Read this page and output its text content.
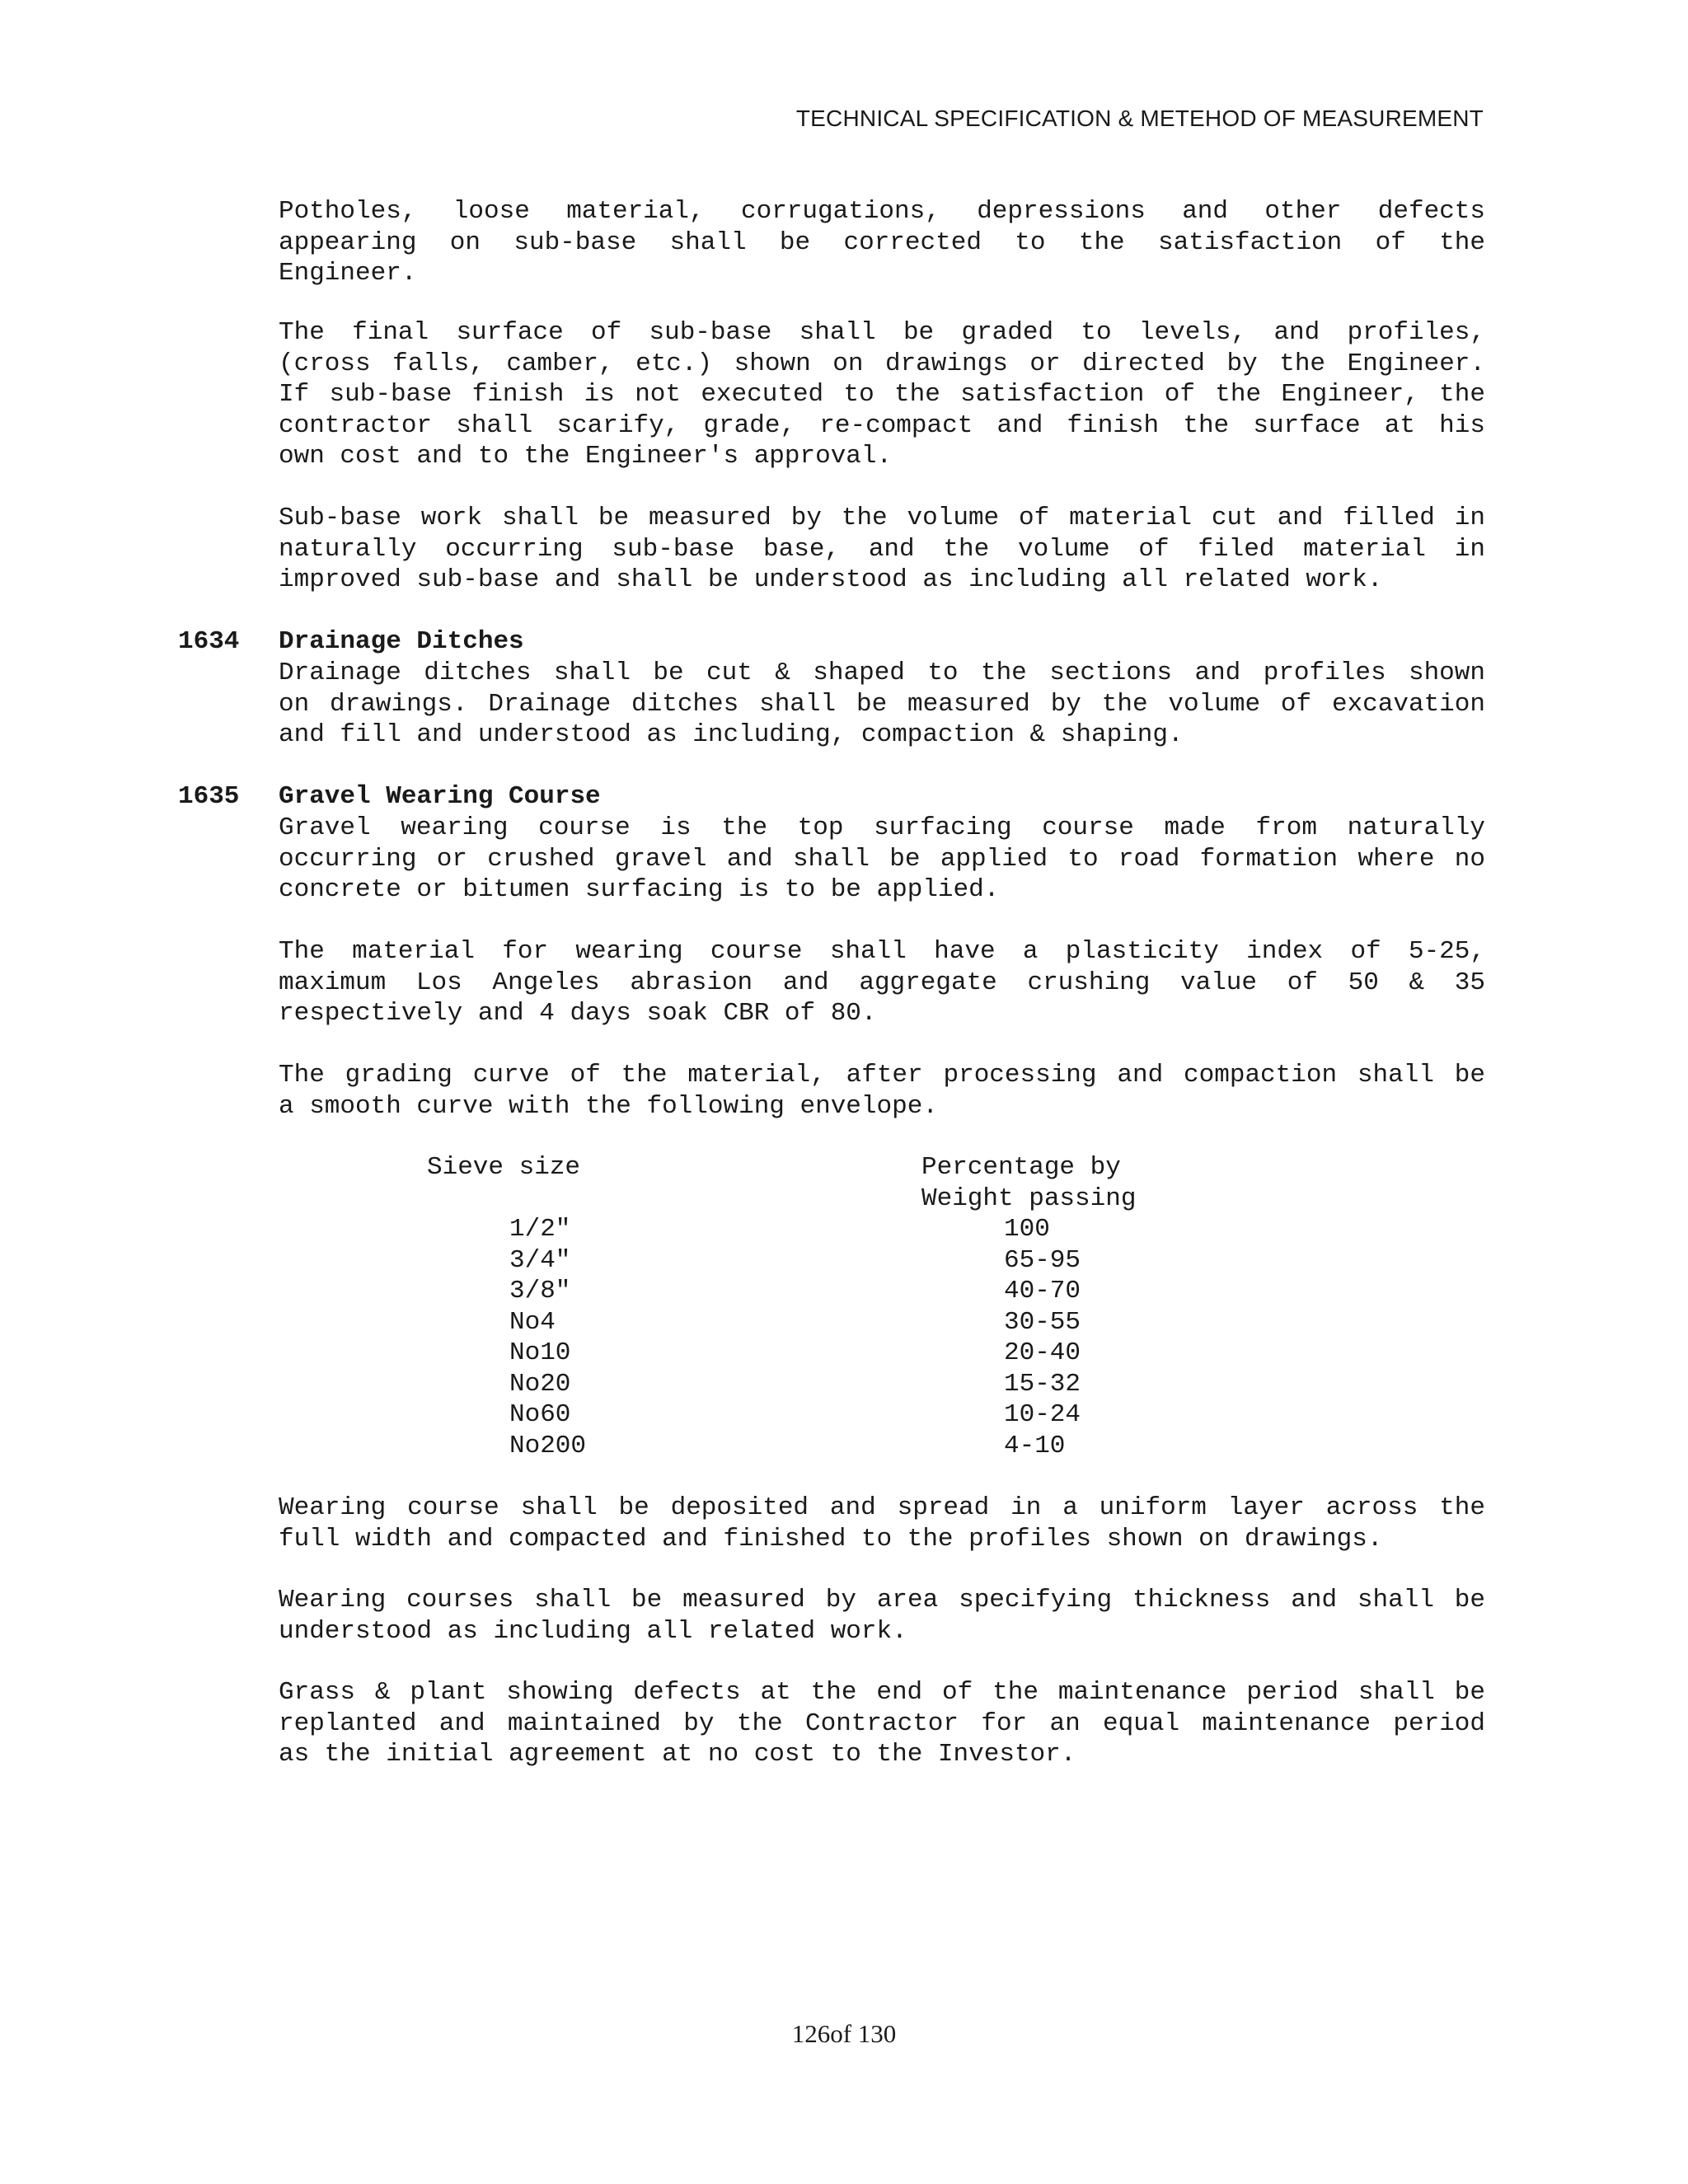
TECHNICAL SPECIFICATION & METEHOD OF MEASUREMENT
Potholes, loose material, corrugations, depressions and other defects
appearing on sub-base shall be corrected to the satisfaction of the
Engineer.
The final surface of sub-base shall be graded to levels, and profiles,
(cross falls, camber, etc.) shown on drawings or directed by the Engineer.
If sub-base finish is not executed to the satisfaction of the Engineer, the
contractor shall scarify, grade, re-compact and finish the surface at his
own cost and to the Engineer's approval.
Sub-base work shall be measured by the volume of material cut and filled in
naturally occurring sub-base base, and the volume of filed material in
improved sub-base and shall be understood as including all related work.
1634 Drainage Ditches
Drainage ditches shall be cut & shaped to the sections and profiles shown
on drawings. Drainage ditches shall be measured by the volume of excavation
and fill and understood as including, compaction & shaping.
1635 Gravel Wearing Course
Gravel wearing course is the top surfacing course made from naturally
occurring or crushed gravel and shall be applied to road formation where no
concrete or bitumen surfacing is to be applied.
The material for wearing course shall have a plasticity index of 5-25,
maximum Los Angeles abrasion and aggregate crushing value of 50 & 35
respectively and 4 days soak CBR of 80.
The grading curve of the material, after processing and compaction shall be
a smooth curve with the following envelope.
Sieve size	Percentage by
Weight passing
1/2"
3/4"
3/8"
No4
No10
No20
No60
No200
100
65-95
40-70
30-55
20-40
15-32
10-24
4-10
Wearing course shall be deposited and spread in a uniform layer across the
full width and compacted and finished to the profiles shown on drawings.
Wearing courses shall be measured by area specifying thickness and shall be
understood as including all related work.
Grass & plant showing defects at the end of the maintenance period shall be
replanted and maintained by the Contractor for an equal maintenance period
as the initial agreement at no cost to the Investor.
126of 130
